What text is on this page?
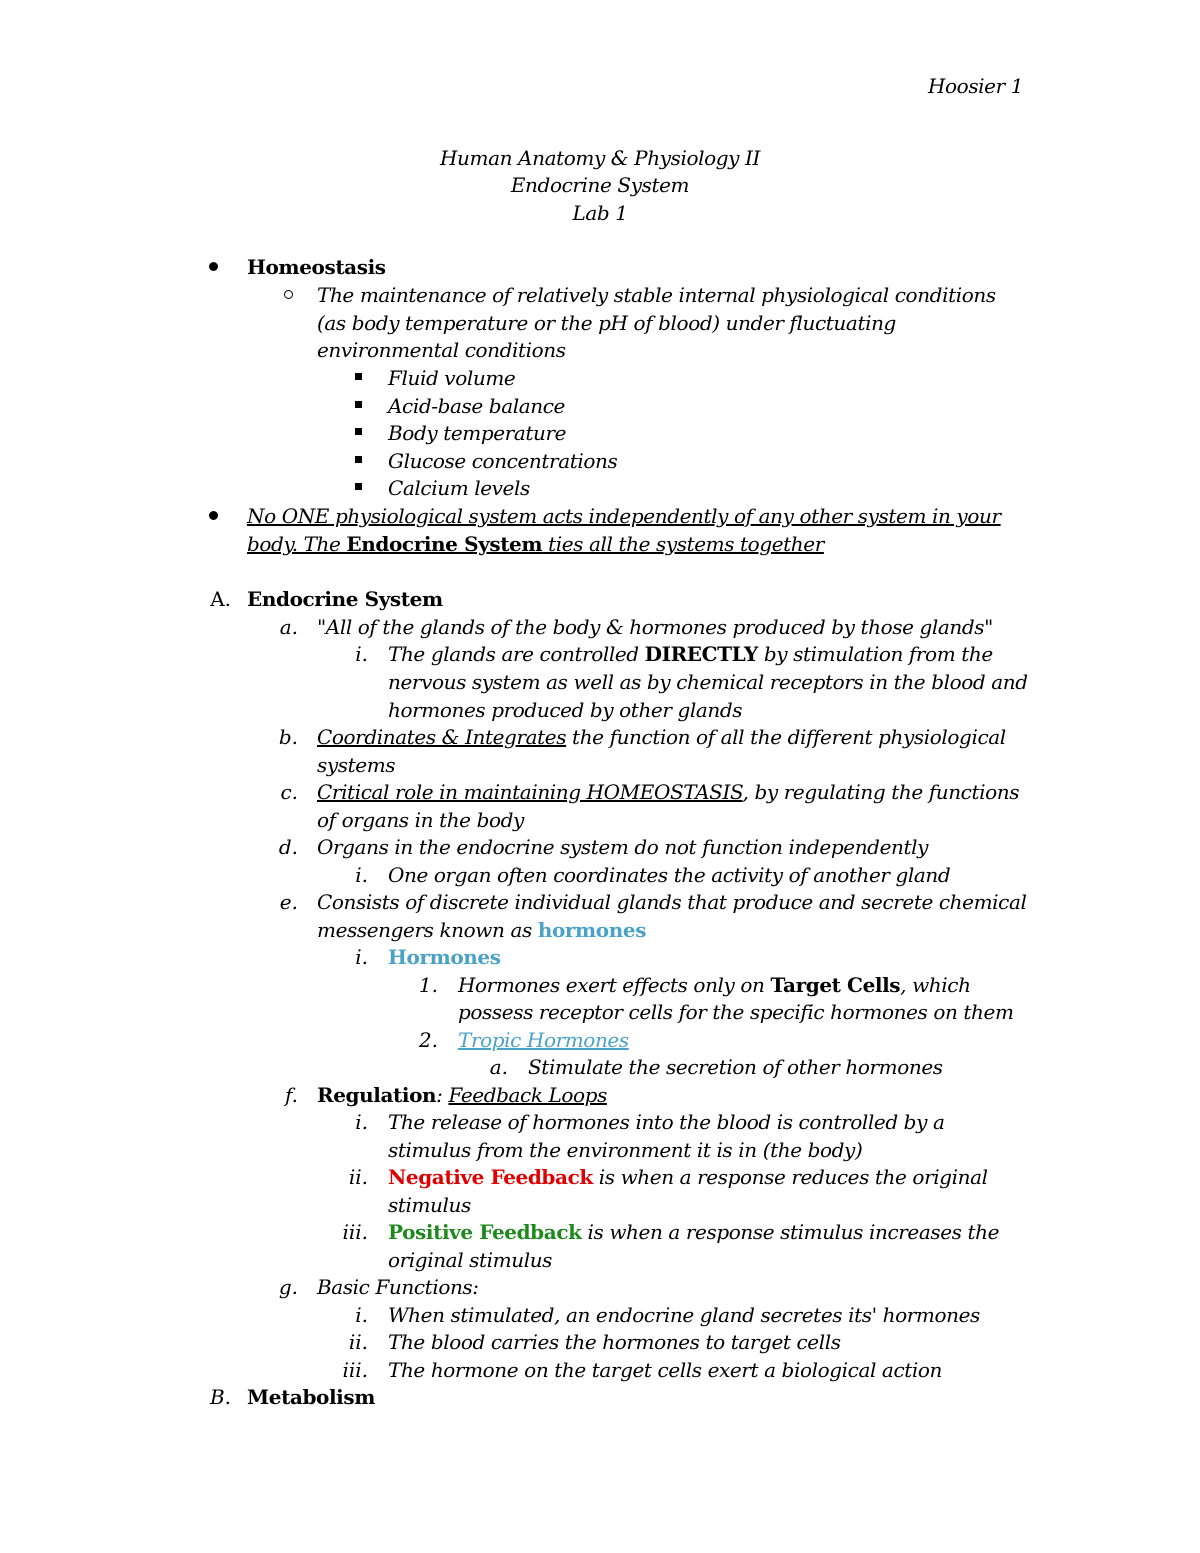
Hoosier 1
Human Anatomy & Physiology II
Endocrine System
Lab 1
Homeostasis
The maintenance of relatively stable internal physiological conditions
(as body temperature or the pH of blood) under fluctuating
environmental conditions
Fluid volume
Acid-base balance
Body temperature
Glucose concentrations
Calcium levels
No ONE physiological system acts independently of any other system in your
body. The Endocrine System ties all the systems together
A. Endocrine System
a. "All of the glands of the body & hormones produced by those glands"
i. The glands are controlled DIRECTLY by stimulation from the
nervous system as well as by chemical receptors in the blood and
hormones produced by other glands
b. Coordinates & Integrates the function of all the different physiological
systems
c. Critical role in maintaining HOMEOSTASIS, by regulating the functions
of organs in the body
d. Organs in the endocrine system do not function independently
i. One organ often coordinates the activity of another gland
e. Consists of discrete individual glands that produce and secrete chemical
messengers known as hormones
i. Hormones
1. Hormones exert effects only on Target Cells, which
possess receptor cells for the specific hormones on them
2. Tropic Hormones
a. Stimulate the secretion of other hormones
f. Regulation: Feedback Loops
i. The release of hormones into the blood is controlled by a
stimulus from the environment it is in (the body)
ii. Negative Feedback is when a response reduces the original
stimulus
iii. Positive Feedback is when a response stimulus increases the
original stimulus
g. Basic Functions:
i. When stimulated, an endocrine gland secretes its' hormones
ii. The blood carries the hormones to target cells
iii. The hormone on the target cells exert a biological action
B. Metabolism
